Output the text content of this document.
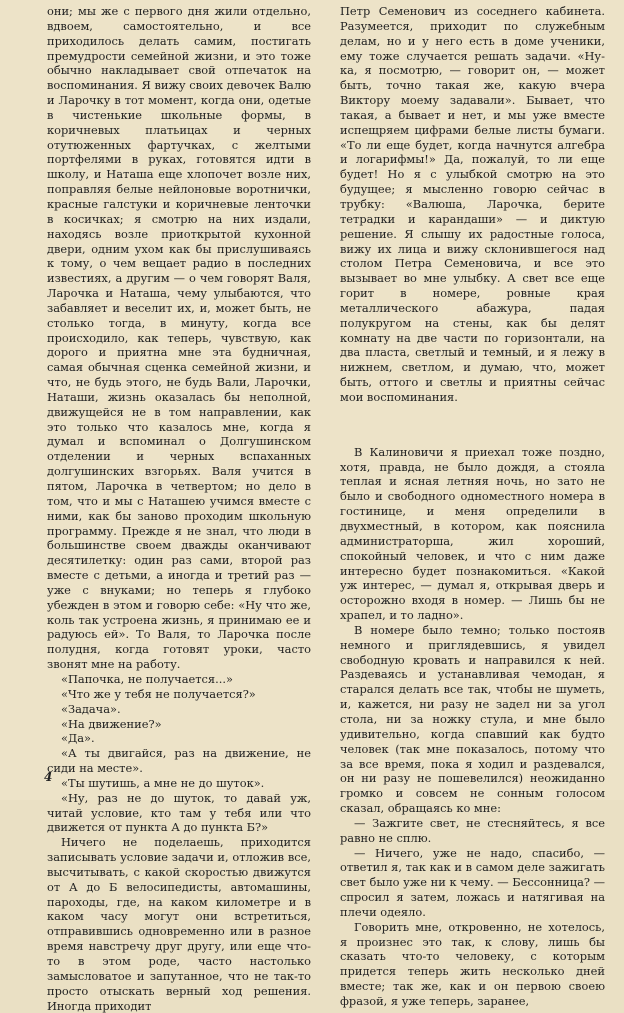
они; мы же с первого дня жили отдельно, вдвоем, самостоятельно, и все приходилось делать самим, постигать премудрости семейной жизни, и это тоже обычно накладывает свой отпечаток на воспоминания. Я вижу своих девочек Валю и Ларочку в тот момент, когда они, одетые в чистенькие школьные формы, в коричневых платьицах и черных отутюженных фартучках, с желтыми портфелями в руках, готовятся идти в школу, и Наташа еще хлопочет возле них, поправляя белые нейлоновые воротнички, красные галстуки и коричневые ленточки в косичках; я смотрю на них издали, находясь возле приоткрытой кухонной двери, одним ухом как бы прислушиваясь к тому, о чем вещает радио в последних известиях, а другим — о чем говорят Валя, Ларочка и Наташа, чему улыбаются, что забавляет и веселит их, и, может быть, не столько тогда, в минуту, когда все происходило, как теперь, чувствую, как дорого и приятна мне эта будничная, самая обычная сценка семейной жизни, и что, не будь этого, не будь Вали, Ларочки, Наташи, жизнь оказалась бы неполной, движущейся не в том направлении, как это только что казалось мне, когда я думал и вспоминал о Долгушинском отделении и черных вспаханных долгушинских взгорьях. Валя учится в пятом, Ларочка в четвертом; но дело в том, что и мы с Наташею учимся вместе с ними, как бы заново проходим школьную программу. Прежде я не знал, что люди в большинстве своем дважды оканчивают десятилетку: один раз сами, второй раз вместе с детьми, а иногда и третий раз — уже с внуками; но теперь я глубоко убежден в этом и говорю себе: «Ну что же, коль так устроена жизнь, я принимаю ее и радуюсь ей». То Валя, то Ларочка после полудня, когда готовят уроки, часто звонят мне на работу.

«Папочка, не получается...»

«Что же у тебя не получается?»

«Задача».

«На движение?»

«Да».

«А ты двигайся, раз на движение, не сиди на месте».

«Ты шутишь, а мне не до шуток».

«Ну, раз не до шуток, то давай уж, читай условие, кто там у тебя или что движется от пункта А до пункта Б?»

Ничего не поделаешь, приходится записывать условие задачи и, отложив все, высчитывать, с какой скоростью движутся от А до Б велосипедисты, автомашины, пароходы, где, на каком километре и в каком часу могут они встретиться, отправившись одновременно или в разное время навстречу друг другу, или еще что-то в этом роде, часто настолько замысловатое и запутанное, что не так-то просто отыскать верный ход решения. Иногда приходит

Петр Семенович из соседнего кабинета. Разумеется, приходит по служебным делам, но и у него есть в доме ученики, ему тоже случается решать задачи. «Ну-ка, я посмотрю, — говорит он, — может быть, точно такая же, какую вчера Виктору моему задавали». Бывает, что такая, а бывает и нет, и мы уже вместе испещряем цифрами белые листы бумаги. «То ли еще будет, когда начнутся алгебра и логарифмы!» Да, пожалуй, то ли еще будет! Но я с улыбкой смотрю на это будущее; я мысленно говорю сейчас в трубку: «Валюша, Ларочка, берите тетрадки и карандаши» — и диктую решение. Я слышу их радостные голоса, вижу их лица и вижу склонившегося над столом Петра Семеновича, и все это вызывает во мне улыбку. А свет все еще горит в номере, ровные края металлического абажура, падая полукругом на стены, как бы делят комнату на две части по горизонтали, на два пласта, светлый и темный, и я лежу в нижнем, светлом, и думаю, что, может быть, оттого и светлы и приятны сейчас мои воспоминания.

В Калиновичи я приехал тоже поздно, хотя, правда, не было дождя, а стояла теплая и ясная летняя ночь, но зато не было и свободного одноместного номера в гостинице, и меня определили в двухместный, в котором, как пояснила администраторша, жил хороший, спокойный человек, и что с ним даже интересно будет познакомиться. «Какой уж интерес, — думал я, открывая дверь и осторожно входя в номер. — Лишь бы не храпел, и то ладно».

В номере было темно; только постояв немного и приглядевшись, я увидел свободную кровать и направился к ней. Раздеваясь и устанавливая чемодан, я старался делать все так, чтобы не шуметь, и, кажется, ни разу не задел ни за угол стола, ни за ножку стула, и мне было удивительно, когда спавший как будто человек (так мне показалось, потому что за все время, пока я ходил и раздевался, он ни разу не пошевелился) неожиданно громко и совсем не сонным голосом сказал, обращаясь ко мне:

— Зажгите свет, не стесняйтесь, я все равно не сплю.

— Ничего, уже не надо, спасибо, — ответил я, так как и в самом деле зажигать свет было уже ни к чему. — Бессонница? — спросил я затем, ложась и натягивая на плечи одеяло.

Говорить мне, откровенно, не хотелось, я произнес это так, к слову, лишь бы сказать что-то человеку, с которым придется теперь жить несколько дней вместе; так же, как и он первою своею фразой, я уже теперь, заранее,

4
